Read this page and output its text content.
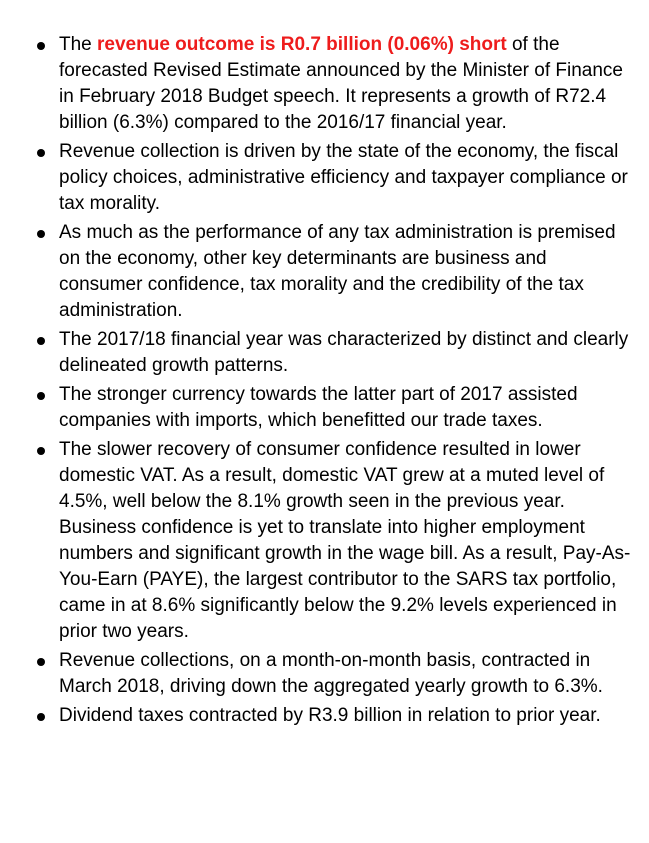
The revenue outcome is R0.7 billion (0.06%) short of the forecasted Revised Estimate announced by the Minister of Finance in February 2018 Budget speech. It represents a growth of R72.4 billion (6.3%) compared to the 2016/17 financial year.
Revenue collection is driven by the state of the economy, the fiscal policy choices, administrative efficiency and taxpayer compliance or tax morality.
As much as the performance of any tax administration is premised on the economy, other key determinants are business and consumer confidence, tax morality and the credibility of the tax administration.
The 2017/18 financial year was characterized by distinct and clearly delineated growth patterns.
The stronger currency towards the latter part of 2017 assisted companies with imports, which benefitted our trade taxes.
The slower recovery of consumer confidence resulted in lower domestic VAT. As a result, domestic VAT grew at a muted level of 4.5%, well below the 8.1% growth seen in the previous year. Business confidence is yet to translate into higher employment numbers and significant growth in the wage bill. As a result, Pay-As-You-Earn (PAYE), the largest contributor to the SARS tax portfolio, came in at 8.6% significantly below the 9.2% levels experienced in prior two years.
Revenue collections, on a month-on-month basis, contracted in March 2018, driving down the aggregated yearly growth to 6.3%.
Dividend taxes contracted by R3.9 billion in relation to prior year.
